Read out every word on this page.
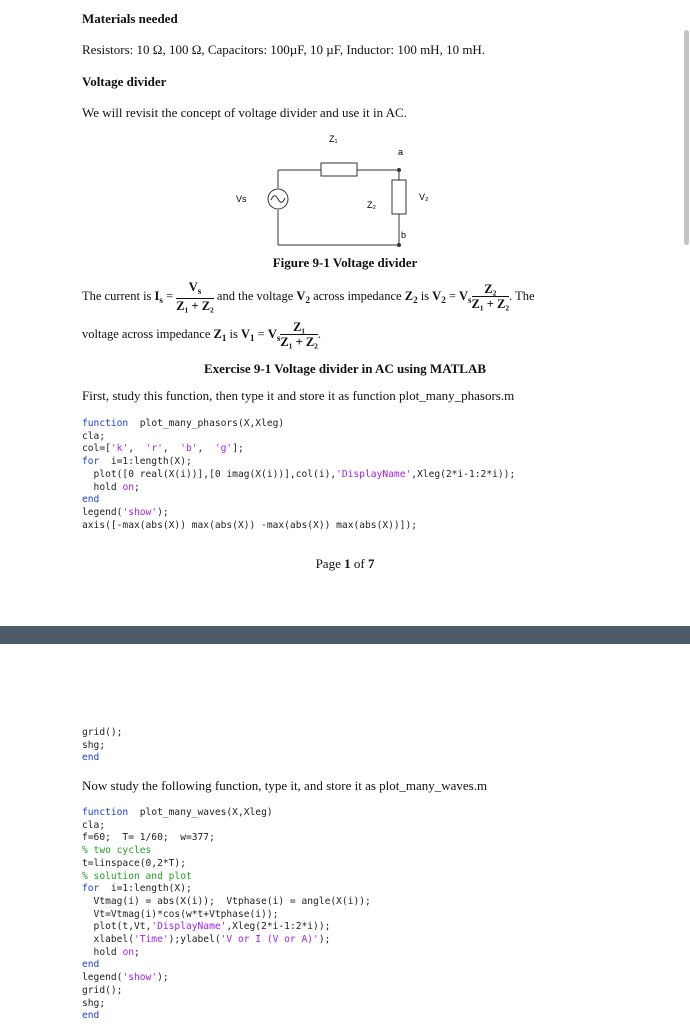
Materials needed
Resistors: 10 Ω, 100 Ω, Capacitors: 100µF, 10 µF, Inductor: 100 mH, 10 mH.
Voltage divider
We will revisit the concept of voltage divider and use it in AC.
Z₁
a
Vs
Z₂
V₂
b
Figure 9-1 Voltage divider
The current is $I_s = \frac{V_s}{\text{Z₁ + Z₂}}$ and the voltage $V_2$ across impedance $Z_2$ is $V_2 = V_s \frac{\text{Z₂}}{\text{Z₁ + Z₂}}$ . The
voltage across impedance $Z_1$ is $V_1 = V_s \frac{\text{Z₁}}{\text{Z₁ + Z₂}}$ .
Exercise 9-1 Voltage divider in AC using MATLAB
First, study this function, then type it and store it as function plot_many_phasors.m
function  plot_many_phasors(X,Xleg)
cla;
col=['k',  'r',  'b',  'g'];
for  i=1:length(X);
plot([0 real(X(i))],[0 imag(X(i))],col(i),'DisplayName',Xleg(2*i-1:2*i));
hold on;
end
legend('show');
axis([-max(abs(X)) max(abs(X)) -max(abs(X)) max(abs(X))]);

Page 1 of 7
grid();
shg;
end

Now study the following function, type it, and store it as plot_many_waves.m
function  plot_many_waves(X,Xleg)
cla;
f=60;  T= 1/60;  w=377;
% two cycles
t=linspace(0,2*T);
% solution and plot
for  i=1:length(X);
Vtmag(i) = abs(X(i));  Vtphase(i) = angle(X(i));
Vt=Vtmag(i)*cos(w*t+Vtphase(i));
plot(t,Vt,'DisplayName',Xleg(2*i-1:2*i));
xlabel('Time');ylabel('V or I (V or A)');
hold on;
end
legend('show');
grid();
shg;
end
